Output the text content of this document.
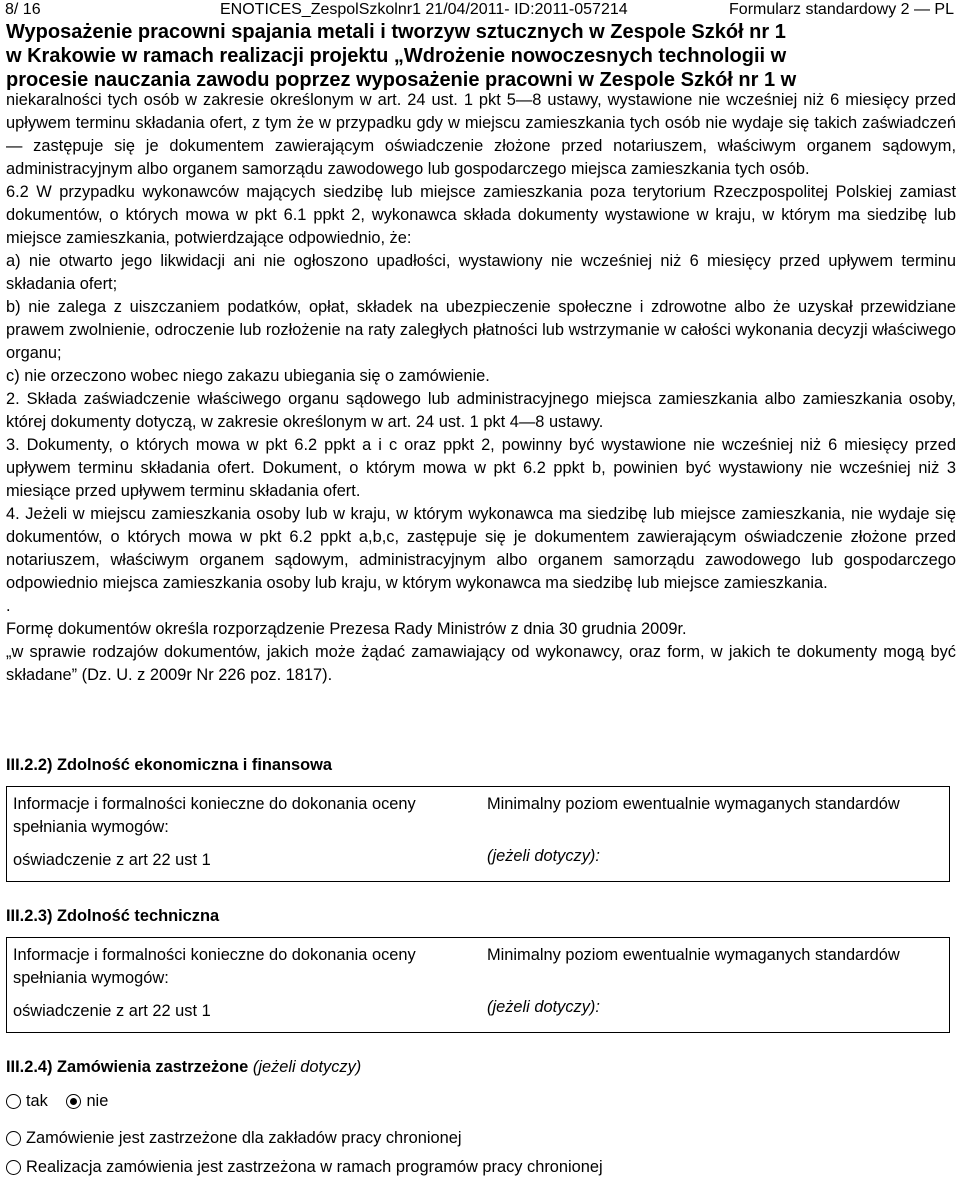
8/ 16	ENOTICES_ZespolSzkolnr1 21/04/2011- ID:2011-057214	Formularz standardowy 2 — PL
Wyposażenie pracowni spajania metali i tworzyw sztucznych w Zespole Szkół nr 1
w Krakowie w ramach realizacji projektu „Wdrożenie nowoczesnych technologii w
procesie nauczania zawodu poprzez wyposażenie pracowni w Zespole Szkół nr 1 w

niekaralności tych osób w zakresie określonym w art. 24 ust. 1 pkt 5—8 ustawy, wystawione nie wcześniej niż 6 miesięcy przed upływem terminu składania ofert, z tym że w przypadku gdy w miejscu zamieszkania tych osób nie wydaje się takich zaświadczeń — zastępuje się je dokumentem zawierającym oświadczenie złożone przed notariuszem, właściwym organem sądowym, administracyjnym albo organem samorządu zawodowego lub gospodarczego miejsca zamieszkania tych osób.

6.2 W przypadku wykonawców mających siedzibę lub miejsce zamieszkania poza terytorium Rzeczpospolitej Polskiej zamiast dokumentów, o których mowa w pkt 6.1 ppkt 2, wykonawca składa dokumenty wystawione w kraju, w którym ma siedzibę lub miejsce zamieszkania, potwierdzające odpowiednio, że:

a) nie otwarto jego likwidacji ani nie ogłoszono upadłości, wystawiony nie wcześniej niż 6 miesięcy przed upływem terminu składania ofert;

b) nie zalega z uiszczaniem podatków, opłat, składek na ubezpieczenie społeczne i zdrowotne albo że uzyskał przewidziane prawem zwolnienie, odroczenie lub rozłożenie na raty zaległych płatności lub wstrzymanie w całości wykonania decyzji właściwego organu;

c) nie orzeczono wobec niego zakazu ubiegania się o zamówienie.

2. Składa zaświadczenie właściwego organu sądowego lub administracyjnego miejsca zamieszkania albo zamieszkania osoby, której dokumenty dotyczą, w zakresie określonym w art. 24 ust. 1 pkt 4—8 ustawy.

3. Dokumenty, o których mowa w pkt 6.2 ppkt a i c oraz ppkt 2, powinny być wystawione nie wcześniej niż 6 miesięcy przed upływem terminu składania ofert. Dokument, o którym mowa w pkt 6.2 ppkt b, powinien być wystawiony nie wcześniej niż 3 miesiące przed upływem terminu składania ofert.

4. Jeżeli w miejscu zamieszkania osoby lub w kraju, w którym wykonawca ma siedzibę lub miejsce zamieszkania, nie wydaje się dokumentów, o których mowa w pkt 6.2 ppkt a,b,c, zastępuje się je dokumentem zawierającym oświadczenie złożone przed notariuszem, właściwym organem sądowym, administracyjnym albo organem samorządu zawodowego lub gospodarczego odpowiednio miejsca zamieszkania osoby lub kraju, w którym wykonawca ma siedzibę lub miejsce zamieszkania.

.

Formę dokumentów określa rozporządzenie Prezesa Rady Ministrów z dnia 30 grudnia 2009r.

„w sprawie rodzajów dokumentów, jakich może żądać zamawiający od wykonawcy, oraz form, w jakich te dokumenty mogą być składane” (Dz. U. z 2009r Nr 226 poz. 1817).

III.2.2) Zdolność ekonomiczna i finansowa
Informacje i formalności konieczne do dokonania oceny spełniania wymogów:
oświadczenie z art 22 ust 1
Minimalny poziom ewentualnie wymaganych standardów
(jeżeli dotyczy):
III.2.3) Zdolność techniczna
Informacje i formalności konieczne do dokonania oceny spełniania wymogów:
oświadczenie z art 22 ust 1
Minimalny poziom ewentualnie wymaganych standardów
(jeżeli dotyczy):
III.2.4) Zamówienia zastrzeżone (jeżeli dotyczy)
tak
nie
Zamówienie jest zastrzeżone dla zakładów pracy chronionej
Realizacja zamówienia jest zastrzeżona w ramach programów pracy chronionej
